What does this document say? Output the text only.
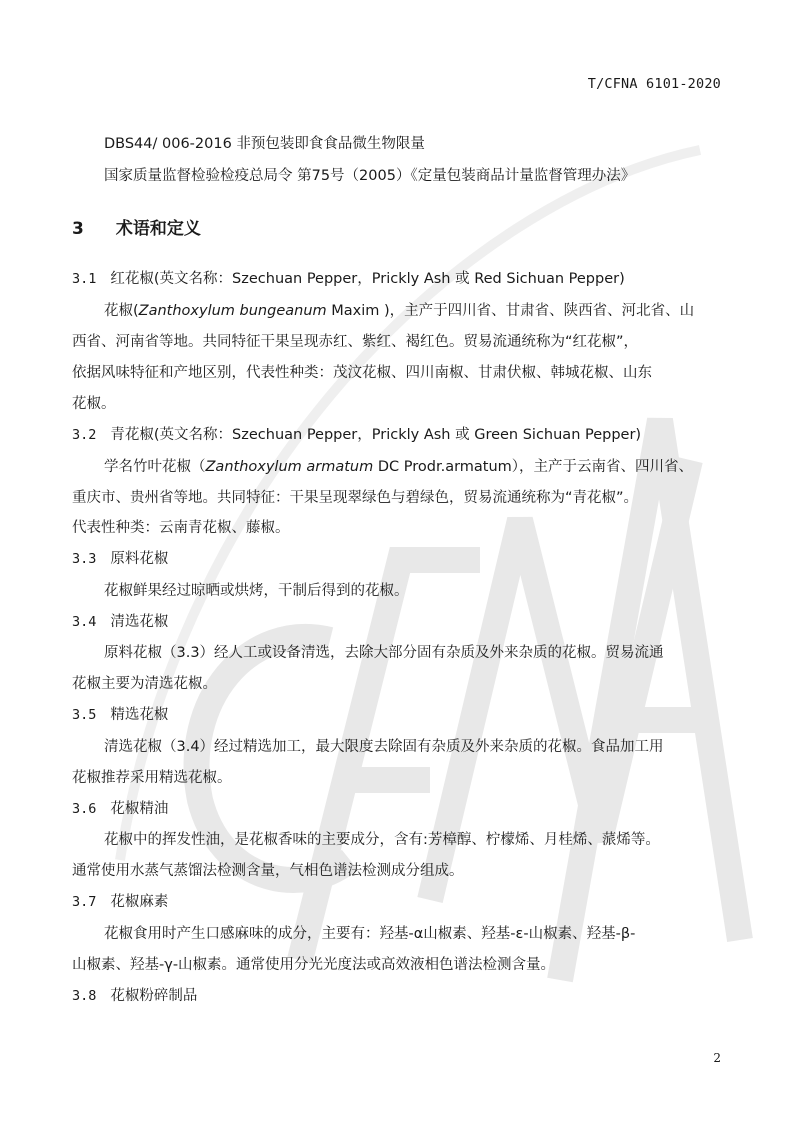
T/CFNA 6101-2020
DBS44/ 006-2016 非预包装即食食品微生物限量
国家质量监督检验检疫总局令 第75号（2005）《定量包装商品计量监督管理办法》
3 术语和定义
3.1 红花椒(英文名称：Szechuan Pepper，Prickly Ash 或 Red Sichuan Pepper)
花椒(Zanthoxylum bungeanum Maxim )，主产于四川省、甘肃省、陕西省、河北省、山
西省、河南省等地。共同特征干果呈现赤红、紫红、褐红色。贸易流通统称为“红花椒”，
依据风味特征和产地区别，代表性种类：茂汶花椒、四川南椒、甘肃伏椒、韩城花椒、山东
花椒。
3.2 青花椒(英文名称：Szechuan Pepper，Prickly Ash 或 Green Sichuan Pepper)
学名竹叶花椒（Zanthoxylum armatum DC Prodr.armatum），主产于云南省、四川省、
重庆市、贵州省等地。共同特征：干果呈现翠绿色与碧绿色，贸易流通统称为“青花椒”。
代表性种类：云南青花椒、藤椒。
3.3 原料花椒
花椒鲜果经过晾晒或烘烤，干制后得到的花椒。
3.4 清选花椒
原料花椒（3.3）经人工或设备清选，去除大部分固有杂质及外来杂质的花椒。贸易流通
花椒主要为清选花椒。
3.5 精选花椒
清选花椒（3.4）经过精选加工，最大限度去除固有杂质及外来杂质的花椒。食品加工用
花椒推荐采用精选花椒。
3.6 花椒精油
花椒中的挥发性油，是花椒香味的主要成分，含有:芳樟醇、柠檬烯、月桂烯、蒎烯等。
通常使用水蒸气蒸馏法检测含量，气相色谱法检测成分组成。
3.7 花椒麻素
花椒食用时产生口感麻味的成分，主要有：羟基-α山椒素、羟基-ε-山椒素、羟基-β-
山椒素、羟基-γ-山椒素。通常使用分光光度法或高效液相色谱法检测含量。
3.8 花椒粉碎制品
2
